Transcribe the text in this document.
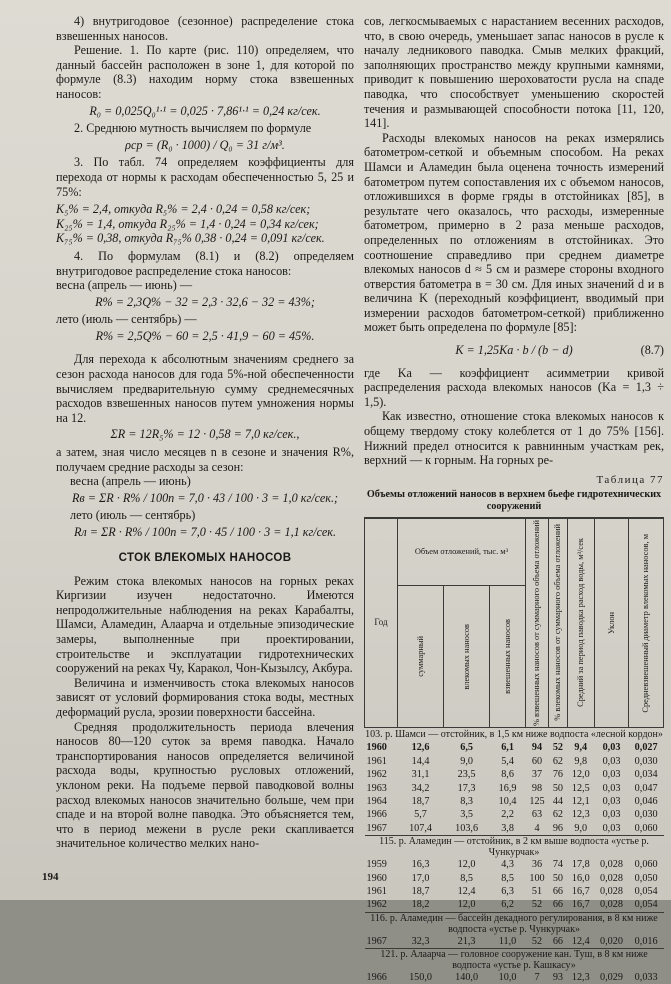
4) внутригодовое (сезонное) распределение стока взвешенных наносов.

Решение. 1. По карте (рис. 110) определяем, что данный бассейн расположен в зоне 1, для которой по формуле (8.3) находим норму стока взвешенных наносов:

R₀ = 0,025Q₀¹·¹ = 0,025 · 7,86¹·¹ = 0,24 кг/сек.

2. Среднюю мутность вычисляем по формуле

ρср = (R₀ · 1000) / Q₀ = 31 г/м³.

3. По табл. 74 определяем коэффициенты для перехода от нормы к расходам обеспеченностью 5, 25 и 75%:

K₅% = 2,4, откуда R₅% = 2,4 · 0,24 = 0,58 кг/сек;
K₂₅% = 1,4, откуда R₂₅% = 1,4 · 0,24 = 0,34 кг/сек;
K₇₅% = 0,38, откуда R₇₅% 0,38 · 0,24 = 0,091 кг/сек.

4. По формулам (8.1) и (8.2) определяем внутригодовое распределение стока наносов:

весна (апрель — июнь) —
R% = 2,3Q% − 32 = 2,3 · 32,6 − 32 = 43%;
лето (июль — сентябрь) —
R% = 2,5Q% − 60 = 2,5 · 41,9 − 60 = 45%.

Для перехода к абсолютным значениям среднего за сезон расхода наносов для года 5%-ной обеспеченности вычисляем предварительную сумму среднемесячных расходов взвешенных наносов путем умножения нормы на 12.

ΣR = 12R₅% = 12 · 0,58 = 7,0 кг/сек.,

а затем, зная число месяцев n в сезоне и значения R%, получаем средние расходы за сезон:

весна (апрель — июнь)
Rв = ΣR · R% / 100n = 7,0 · 43 / 100 · 3 = 1,0 кг/сек.;
лето (июль — сентябрь)
Rл = ΣR · R% / 100n = 7,0 · 45 / 100 · 3 = 1,1 кг/сек.
СТОК ВЛЕКОМЫХ НАНОСОВ

Режим стока влекомых наносов на горных реках Киргизии изучен недостаточно. Имеются непродолжительные наблюдения на реках Карабалты, Шамси, Аламедин, Алаарча и отдельные эпизодические замеры, выполненные при проектировании, строительстве и эксплуатации гидротехнических сооружений на реках Чу, Каракол, Чон-Кызылсу, Акбура.

Величина и изменчивость стока влекомых наносов зависят от условий формирования стока воды, местных деформаций русла, эрозии поверхности бассейна.

Средняя продолжительность периода влечения наносов 80—120 суток за время паводка. Начало транспортирования наносов определяется величиной расхода воды, крупностью русловых отложений, уклоном реки. На подъеме первой паводковой волны расход влекомых наносов значительно больше, чем при спаде и на второй волне паводка. Это объясняется тем, что в период межени в русле реки скапливается значительное количество мелких нано-

сов, легкосмываемых с нарастанием весенних расходов, что, в свою очередь, уменьшает запас наносов в русле к началу ледникового паводка. Смыв мелких фракций, заполняющих пространство между крупными камнями, приводит к повышению шероховатости русла на спаде паводка, что способствует уменьшению скоростей течения и размывающей способности потока [11, 120, 141].

Расходы влекомых наносов на реках измерялись батометром-сеткой и объемным способом. На реках Шамси и Аламедин была оценена точность измерений батометром путем сопоставления их с объемом наносов, отложившихся в форме гряды в отстойниках [85], в результате чего оказалось, что расходы, измеренные батометром, примерно в 2 раза меньше расходов, определенных по отложениям в отстойниках. Это соотношение справедливо при среднем диаметре влекомых наносов d ≈ 5 см и размере стороны входного отверстия батометра в = 30 см. Для иных значений d и в величина K (переходный коэффициент, вводимый при измерении расходов батометром-сеткой) приближенно может быть определена по формуле [85]:

K = 1,25Kа · b / (b − d)	(8.7)

где Kа — коэффициент асимметрии кривой распределения расхода влекомых наносов (Kа = 1,3 ÷ 1,5).

Как известно, отношение стока влекомых наносов к общему твердому стоку колеблется от 1 до 75% [156]. Нижний предел относится к равнинным участкам рек, верхний — к горным. На горных ре-

Таблица 77
Объемы отложений наносов в верхнем бьефе гидротехнических сооружений
Год	Объем отложений, тыс. м³			% взвешенных наносов от суммарного объема отложений	% влекомых наносов от суммарного объема отложений	Средний за период паводка расход воды, м³/сек	Уклон	Средневзвешенный диаметр влекомых наносов, м

	суммарный	влекомых наносов	взвешенных наносов					

103. р. Шамси — отстойник, в 1,5 км ниже водпоста «лесной кордон»								
1960	12,6	6,5	6,1	94	52	9,4	0,03	0,027
1961	14,4	9,0	5,4	60	62	9,8	0,03	0,030
1962	31,1	23,5	8,6	37	76	12,0	0,03	0,034
1963	34,2	17,3	16,9	98	50	12,5	0,03	0,047
1964	18,7	8,3	10,4	125	44	12,1	0,03	0,046
1966	5,7	3,5	2,2	63	62	12,3	0,03	0,030
1967	107,4	103,6	3,8	4	96	9,0	0,03	0,060
115. р. Аламедин — отстойник, в 2 км выше водпоста «устье р. Чункурчак»								
1959	16,3	12,0	4,3	36	74	17,8	0,028	0,060
1960	17,0	8,5	8,5	100	50	16,0	0,028	0,050
1961	18,7	12,4	6,3	51	66	16,7	0,028	0,054
1962	18,2	12,0	6,2	52	66	16,7	0,028	0,054
116. р. Аламедин — бассейн декадного регулирования, в 8 км ниже водпоста «устье р. Чункурчак»								
1967	32,3	21,3	11,0	52	66	12,4	0,020	0,016
121. р. Алаарча — головное сооружение кан. Туш, в 8 км ниже водпоста «устье р. Кашкасу»								
1966	150,0	140,0	10,0	7	93	12,3	0,029	0,033
194
